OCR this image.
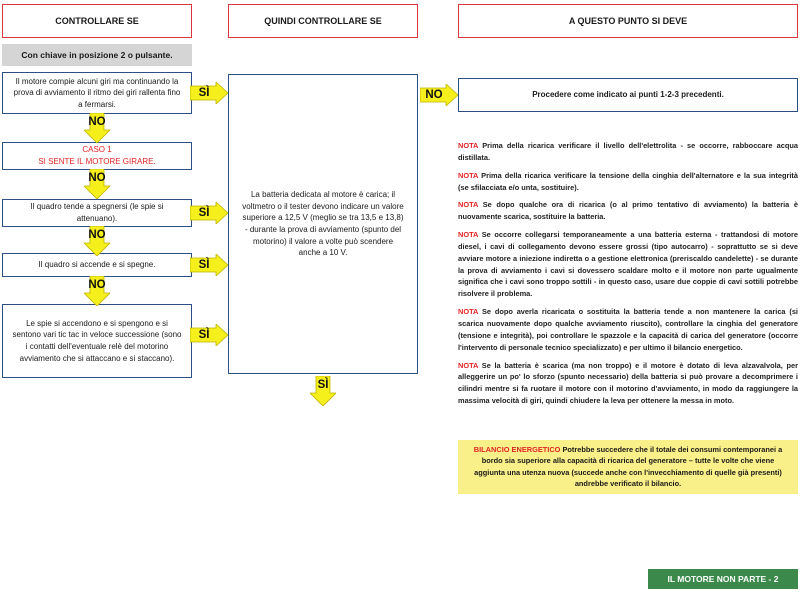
CONTROLLARE SE	QUINDI CONTROLLARE SE	A QUESTO PUNTO SI DEVE
Con chiave in posizione 2 o pulsante.
Il motore compie alcuni giri ma continuando la prova di avviamento il ritmo dei giri rallenta fino a fermarsi.
CASO 1
SI SENTE IL MOTORE GIRARE.
Il quadro tende a spegnersi (le spie si attenuano).
Il quadro si accende e si spegne.
Le spie si accendono e si spengono e si sentono vari tic tac in veloce successione (sono i contatti dell'eventuale relè del motorino avviamento che si attaccano e si staccano).
La batteria dedicata al motore è carica; il voltmetro o il tester devono indicare un valore superiore a 12,5 V (meglio se tra 13,5 e 13,8) - durante la prova di avviamento (spunto del motorino) il valore a volte può scendere anche a 10 V.
Procedere come indicato ai punti 1-2-3 precedenti.
NO
NO
NO
NO
SÌ
SÌ
SÌ
SÌ
NO
SÌ

NOTA Prima della ricarica verificare il livello dell'elettrolita - se occorre, rabboccare acqua distillata.

NOTA Prima della ricarica verificare la tensione della cinghia dell'alternatore e la sua integrità (se sfilacciata e/o unta, sostituire).

NOTA Se dopo qualche ora di ricarica (o al primo tentativo di avviamento) la batteria è nuovamente scarica, sostituire la batteria.

NOTA Se occorre collegarsi temporaneamente a una batteria esterna - trattandosi di motore diesel, i cavi di collegamento devono essere grossi (tipo autocarro) - soprattutto se si deve avviare motore a iniezione indiretta o a gestione elettronica (preriscaldo candelette) - se durante la prova di avviamento i cavi si dovessero scaldare molto e il motore non parte ugualmente significa che i cavi sono troppo sottili - in questo caso, usare due coppie di cavi sottili potrebbe risolvere il problema.

NOTA Se dopo averla ricaricata o sostituita la batteria tende a non mantenere la carica (si scarica nuovamente dopo qualche avviamento riuscito), controllare la cinghia del generatore (tensione e integrità), poi controllare le spazzole e la capacità di carica del generatore (occorre l'intervento di personale tecnico specializzato) e per ultimo il bilancio energetico.

NOTA Se la batteria è scarica (ma non troppo) e il motore è dotato di leva alzavalvola, per alleggerire un po' lo sforzo (spunto necessario) della batteria si può provare a decomprimere i cilindri mentre si fa ruotare il motore con il motorino d'avviamento, in modo da raggiungere la massima velocità di giri, quindi chiudere la leva per ottenere la messa in moto.

BILANCIO ENERGETICO Potrebbe succedere che il totale dei consumi contemporanei a bordo sia superiore alla capacità di ricarica del generatore – tutte le volte che viene aggiunta una utenza nuova (succede anche con l'invecchiamento di quelle già presenti) andrebbe verificato il bilancio.
IL MOTORE NON PARTE - 2
